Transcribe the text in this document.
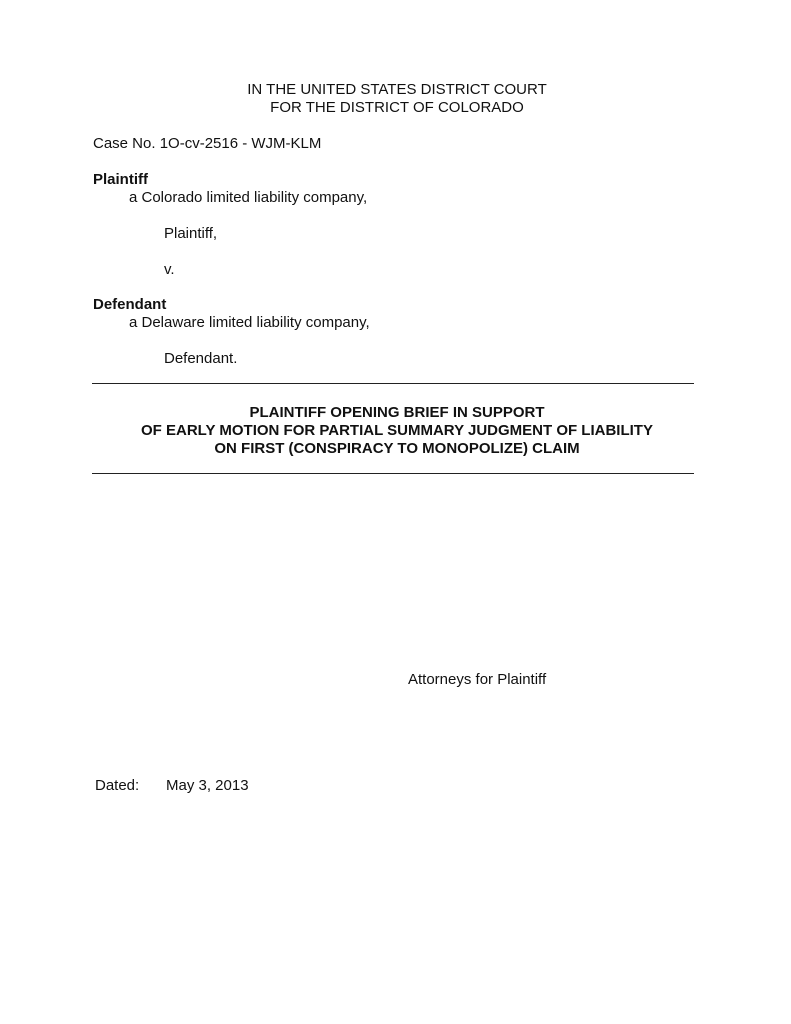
IN THE UNITED STATES DISTRICT COURT
FOR THE DISTRICT OF COLORADO
Case No. 1O-cv-2516 - WJM-KLM
Plaintiff
a Colorado limited liability company,
Plaintiff,
v.
Defendant
a Delaware limited liability company,
Defendant.
PLAINTIFF OPENING BRIEF IN SUPPORT
OF EARLY MOTION FOR PARTIAL SUMMARY JUDGMENT OF LIABILITY
ON FIRST (CONSPIRACY TO MONOPOLIZE) CLAIM
Attorneys for Plaintiff
Dated: May 3, 2013
